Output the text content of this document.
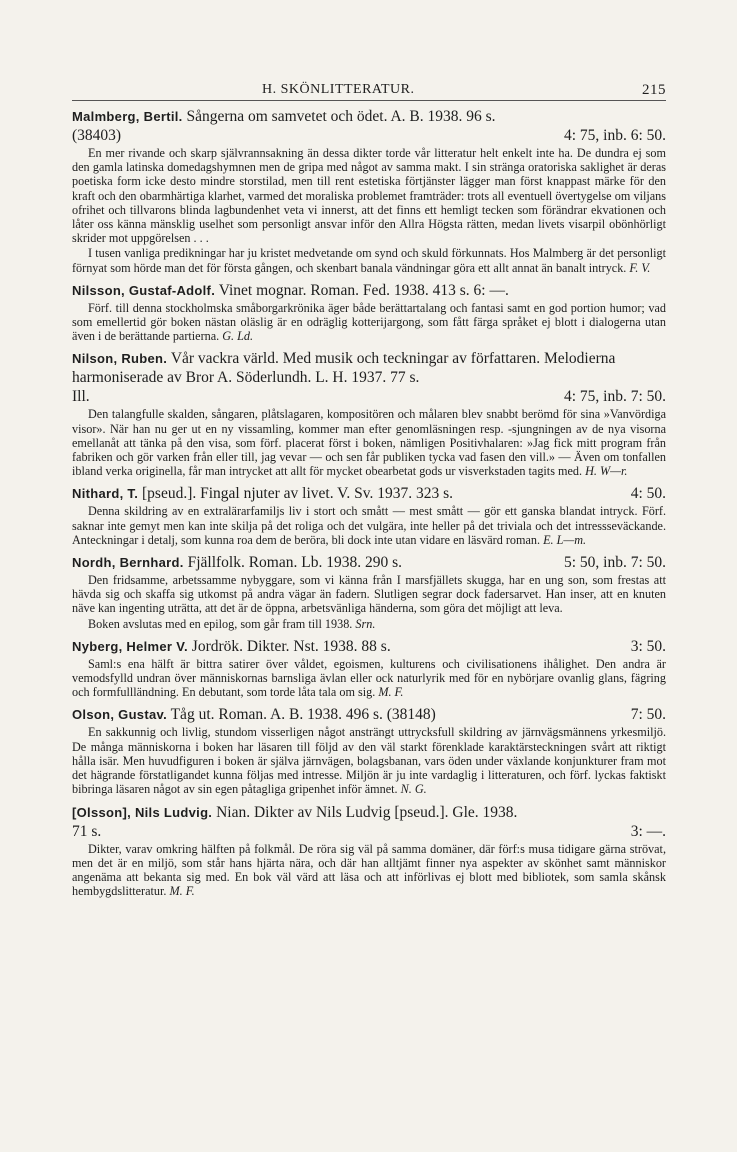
H. SKÖNLITTERATUR.	215
Malmberg, Bertil. Sångerna om samvetet och ödet. A. B. 1938. 96 s.
(38403)	4: 75, inb. 6: 50.

En mer rivande och skarp självrannsakning än dessa dikter torde vår litteratur helt enkelt inte ha. De dundra ej som den gamla latinska domedagshymnen men de gripa med något av samma makt. I sin stränga oratoriska saklighet är deras poetiska form icke desto mindre storstilad, men till rent estetiska förtjänster lägger man först knappast märke för den kraft och den obarmhärtiga klarhet, varmed det moraliska problemet framträder: trots all eventuell övertygelse om viljans ofrihet och tillvarons blinda lagbundenhet veta vi innerst, att det finns ett hemligt tecken som förändrar ekvationen och låter oss känna mänsklig uselhet som personligt ansvar inför den Allra Högsta rätten, medan livets visarpil obönhörligt skrider mot uppgörelsen . . .

I tusen vanliga predikningar har ju kristet medvetande om synd och skuld förkunnats. Hos Malmberg är det personligt förnyat som hörde man det för första gången, och skenbart banala vändningar göra ett allt annat än banalt intryck. F. V.

Nilsson, Gustaf-Adolf. Vinet mognar. Roman. Fed. 1938. 413 s. 6: —.

Förf. till denna stockholmska småborgarkrönika äger både berättartalang och fantasi samt en god portion humor; vad som emellertid gör boken nästan oläslig är en odräglig kotterijargong, som fått färga språket ej blott i dialogerna utan även i de berättande partierna. G. Ld.

Nilson, Ruben. Vår vackra värld. Med musik och teckningar av författaren. Melodierna harmoniserade av Bror A. Söderlundh. L. H. 1937. 77 s.
Ill.	4: 75, inb. 7: 50.

Den talangfulle skalden, sångaren, plåtslagaren, kompositören och målaren blev snabbt berömd för sina »Vanvördiga visor». När han nu ger ut en ny vissamling, kommer man efter genomläsningen resp. -sjungningen av de nya visorna emellanåt att tänka på den visa, som förf. placerat först i boken, nämligen Positivhalaren: »Jag fick mitt program från fabriken och gör varken från eller till, jag vevar — och sen får publiken tycka vad fasen den vill.» — Även om tonfallen ibland verka originella, får man intrycket att allt för mycket obearbetat gods ur visverkstaden tagits med. H. W—r.

Nithard, T. [pseud.]. Fingal njuter av livet. V. Sv. 1937. 323 s.	4: 50.

Denna skildring av en extralärarfamiljs liv i stort och smått — mest smått — gör ett ganska blandat intryck. Förf. saknar inte gemyt men kan inte skilja på det roliga och det vulgära, inte heller på det triviala och det intressseväckande. Anteckningar i detalj, som kunna roa dem de beröra, bli dock inte utan vidare en läsvärd roman. E. L—m.

Nordh, Bernhard. Fjällfolk. Roman. Lb. 1938. 290 s.	5: 50, inb. 7: 50.

Den fridsamme, arbetssamme nybyggare, som vi känna från I marsfjällets skugga, har en ung son, som frestas att hävda sig och skaffa sig utkomst på andra vägar än fadern. Slutligen segrar dock fadersarvet. Han inser, att en knuten näve kan ingenting uträtta, att det är de öppna, arbetsvänliga händerna, som göra det möjligt att leva.

Boken avslutas med en epilog, som går fram till 1938. Srn.

Nyberg, Helmer V. Jordrök. Dikter. Nst. 1938. 88 s.	3: 50.

Saml:s ena hälft är bittra satirer över våldet, egoismen, kulturens och civilisationens ihålighet. Den andra är vemodsfylld undran över människornas barnsliga ävlan eller ock naturlyrik med för en nybörjare ovanlig glans, fägring och formfullländning. En debutant, som torde låta tala om sig. M. F.

Olson, Gustav. Tåg ut. Roman. A. B. 1938. 496 s. (38148)	7: 50.

En sakkunnig och livlig, stundom visserligen något ansträngt uttrycksfull skildring av järnvägsmännens yrkesmiljö. De många människorna i boken har läsaren till följd av den väl starkt förenklade karaktärsteckningen svårt att riktigt hålla isär. Men huvudfiguren i boken är själva järnvägen, bolagsbanan, vars öden under växlande konjunkturer fram mot det hägrande förstatligandet kunna följas med intresse. Miljön är ju inte vardaglig i litteraturen, och förf. lyckas faktiskt bibringa läsaren något av sin egen påtagliga gripenhet inför ämnet. N. G.

[Olsson], Nils Ludvig. Nian. Dikter av Nils Ludvig [pseud.]. Gle. 1938.
71 s.	3: —.

Dikter, varav omkring hälften på folkmål. De röra sig väl på samma domäner, där förf:s musa tidigare gärna strövat, men det är en miljö, som står hans hjärta nära, och där han alltjämt finner nya aspekter av skönhet samt människor angenäma att bekanta sig med. En bok väl värd att läsa och att införlivas ej blott med bibliotek, som samla skånsk hembygdslitteratur. M. F.
